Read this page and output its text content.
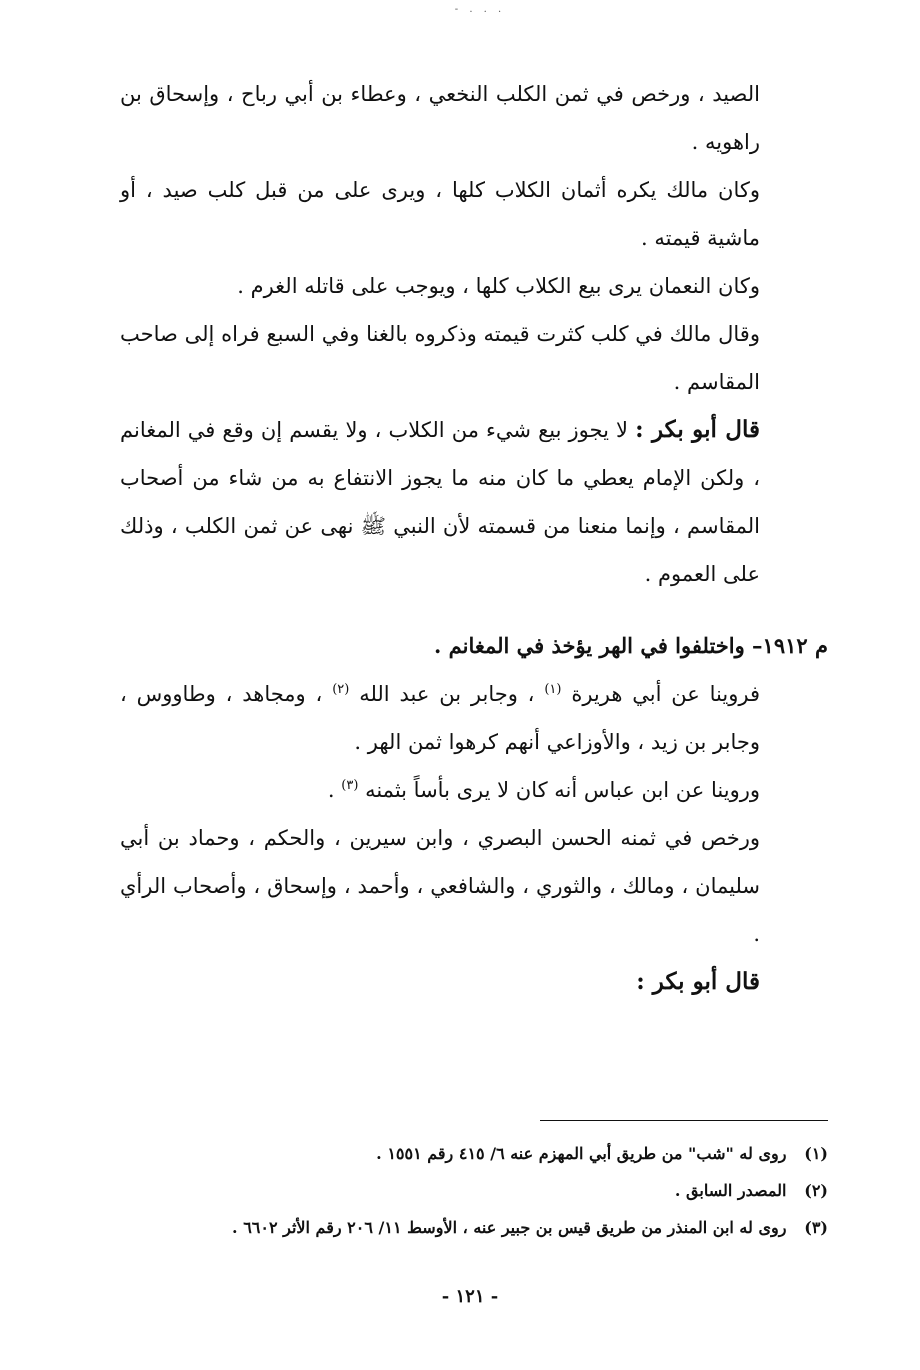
- . . .

الصيد ، ورخص في ثمن الكلب النخعي ، وعطاء بن أبي رباح ، وإسحاق بن راهويه .

وكان مالك يكره أثمان الكلاب كلها ، ويرى على من قبل كلب صيد ، أو ماشية قيمته .

وكان النعمان يرى بيع الكلاب كلها ، ويوجب على قاتله الغرم .

وقال مالك في كلب كثرت قيمته وذكروه بالغنا وفي السبع فراه إلى صاحب المقاسم .

قال أبو بكر : لا يجوز بيع شيء من الكلاب ، ولا يقسم إن وقع في المغانم ، ولكن الإمام يعطي ما كان منه ما يجوز الانتفاع به من شاء من أصحاب المقاسم ، وإنما منعنا من قسمته لأن النبي ﷺ نهى عن ثمن الكلب ، وذلك على العموم .

م ١٩١٢– واختلفوا في الهر يؤخذ في المغانم .

فروينا عن أبي هريرة $^{(١)}$ ، وجابر بن عبد الله $^{(٢)}$ ، ومجاهد ، وطاووس ، وجابر بن زيد ، والأوزاعي أنهم كرهوا ثمن الهر .

وروينا عن ابن عباس أنه كان لا يرى بأساً بثمنه $^{(٣)}$ .

ورخص في ثمنه الحسن البصري ، وابن سيرين ، والحكم ، وحماد بن أبي سليمان ، ومالك ، والثوري ، والشافعي ، وأحمد ، وإسحاق ، وأصحاب الرأي .

قال أبو بكر :

(١) روى له "شب" من طريق أبي المهزم عنه ٦/ ٤١٥ رقم ١٥٥١ .
(٢) المصدر السابق .
(٣) روى له ابن المنذر من طريق قيس بن جبير عنه ، الأوسط ١١/ ٢٠٦ رقم الأثر ٦٦٠٢ .
- ١٢١ -
